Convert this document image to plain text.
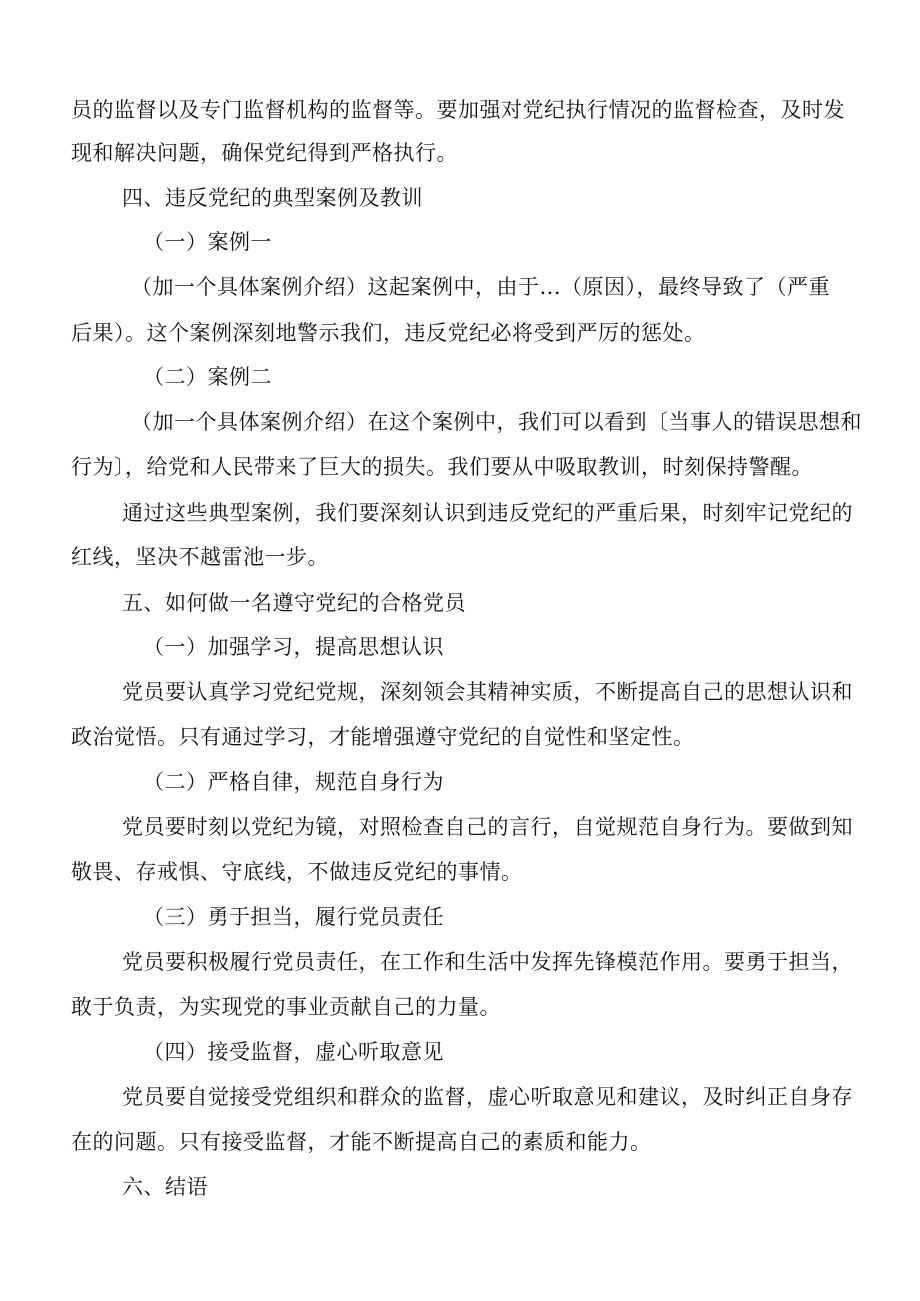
员的监督以及专门监督机构的监督等。要加强对党纪执行情况的监督检查，及时发
现和解决问题，确保党纪得到严格执行。
四、违反党纪的典型案例及教训
（一）案例一
（加一个具体案例介绍）这起案例中，由于...（原因），最终导致了（严重
后果）。这个案例深刻地警示我们，违反党纪必将受到严厉的惩处。
（二）案例二
（加一个具体案例介绍）在这个案例中，我们可以看到〔当事人的错误思想和
行为〕，给党和人民带来了巨大的损失。我们要从中吸取教训，时刻保持警醒。
通过这些典型案例，我们要深刻认识到违反党纪的严重后果，时刻牢记党纪的
红线，坚决不越雷池一步。
五、如何做一名遵守党纪的合格党员
（一）加强学习，提高思想认识
党员要认真学习党纪党规，深刻领会其精神实质，不断提高自己的思想认识和
政治觉悟。只有通过学习，才能增强遵守党纪的自觉性和坚定性。
（二）严格自律，规范自身行为
党员要时刻以党纪为镜，对照检查自己的言行，自觉规范自身行为。要做到知
敬畏、存戒惧、守底线，不做违反党纪的事情。
（三）勇于担当，履行党员责任
党员要积极履行党员责任，在工作和生活中发挥先锋模范作用。要勇于担当，
敢于负责，为实现党的事业贡献自己的力量。
（四）接受监督，虚心听取意见
党员要自觉接受党组织和群众的监督，虚心听取意见和建议，及时纠正自身存
在的问题。只有接受监督，才能不断提高自己的素质和能力。
六、结语
